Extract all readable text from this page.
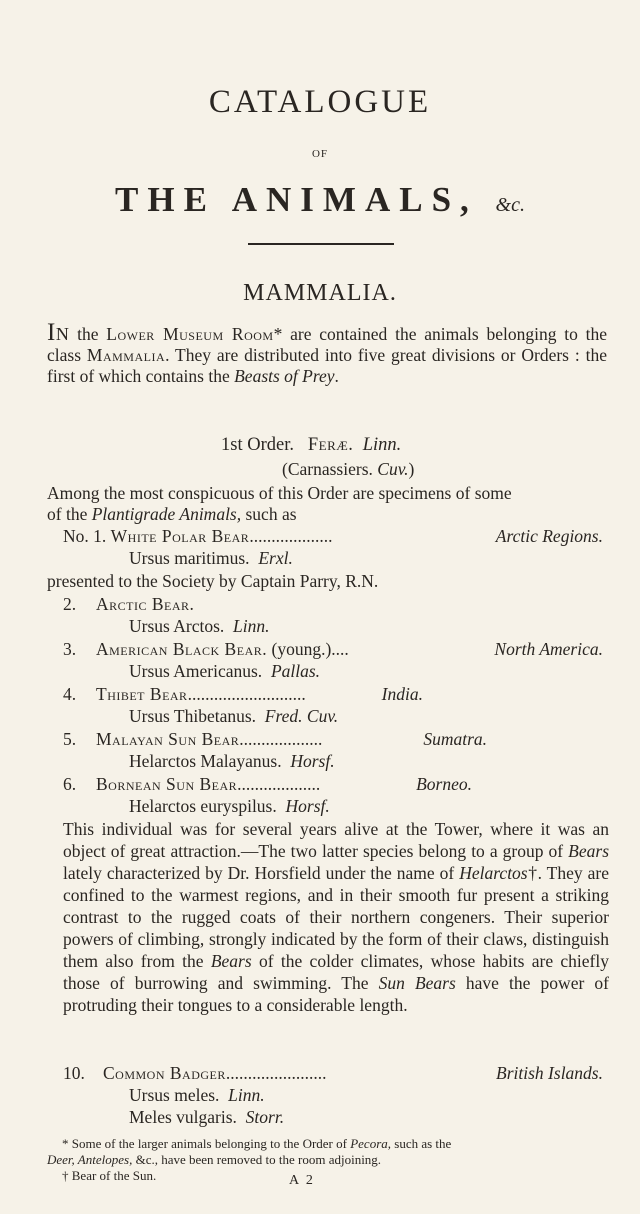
CATALOGUE
OF
THE ANIMALS, &c.
MAMMALIA.
In the Lower Museum Room* are contained the animals belonging to the class Mammalia. They are distributed into five great divisions or Orders : the first of which contains the Beasts of Prey.
1st Order. Feræ. Linn.
(Carnassiers. Cuv.)
Among the most conspicuous of this Order are specimens of some
of the Plantigrade Animals, such as
No. 1. White Polar Bear...................	Arctic Regions.
Ursus maritimus. Erxl.
presented to the Society by Captain Parry, R.N.
2. Arctic Bear.
Ursus Arctos. Linn.
3. American Black Bear. (young.)....	North America.
Ursus Americanus. Pallas.
4. Thibet Bear...........................	India.
Ursus Thibetanus. Fred. Cuv.
5. Malayan Sun Bear...................	Sumatra.
Helarctos Malayanus. Horsf.
6. Bornean Sun Bear...................	Borneo.
Helarctos euryspilus. Horsf.
This individual was for several years alive at the Tower, where it was an object of great attraction.—The two latter species belong to a group of Bears lately characterized by Dr. Horsfield under the name of Helarctos†. They are confined to the warmest regions, and in their smooth fur present a striking contrast to the rugged coats of their northern congeners. Their superior powers of climbing, strongly indicated by the form of their claws, distinguish them also from the Bears of the colder climates, whose habits are chiefly those of burrowing and swimming. The Sun Bears have the power of protruding their tongues to a considerable length.
10. Common Badger.......................	British Islands.
Ursus meles. Linn.
Meles vulgaris. Storr.
* Some of the larger animals belonging to the Order of Pecora, such as the
Deer, Antelopes, &c., have been removed to the room adjoining.
† Bear of the Sun.	A 2
